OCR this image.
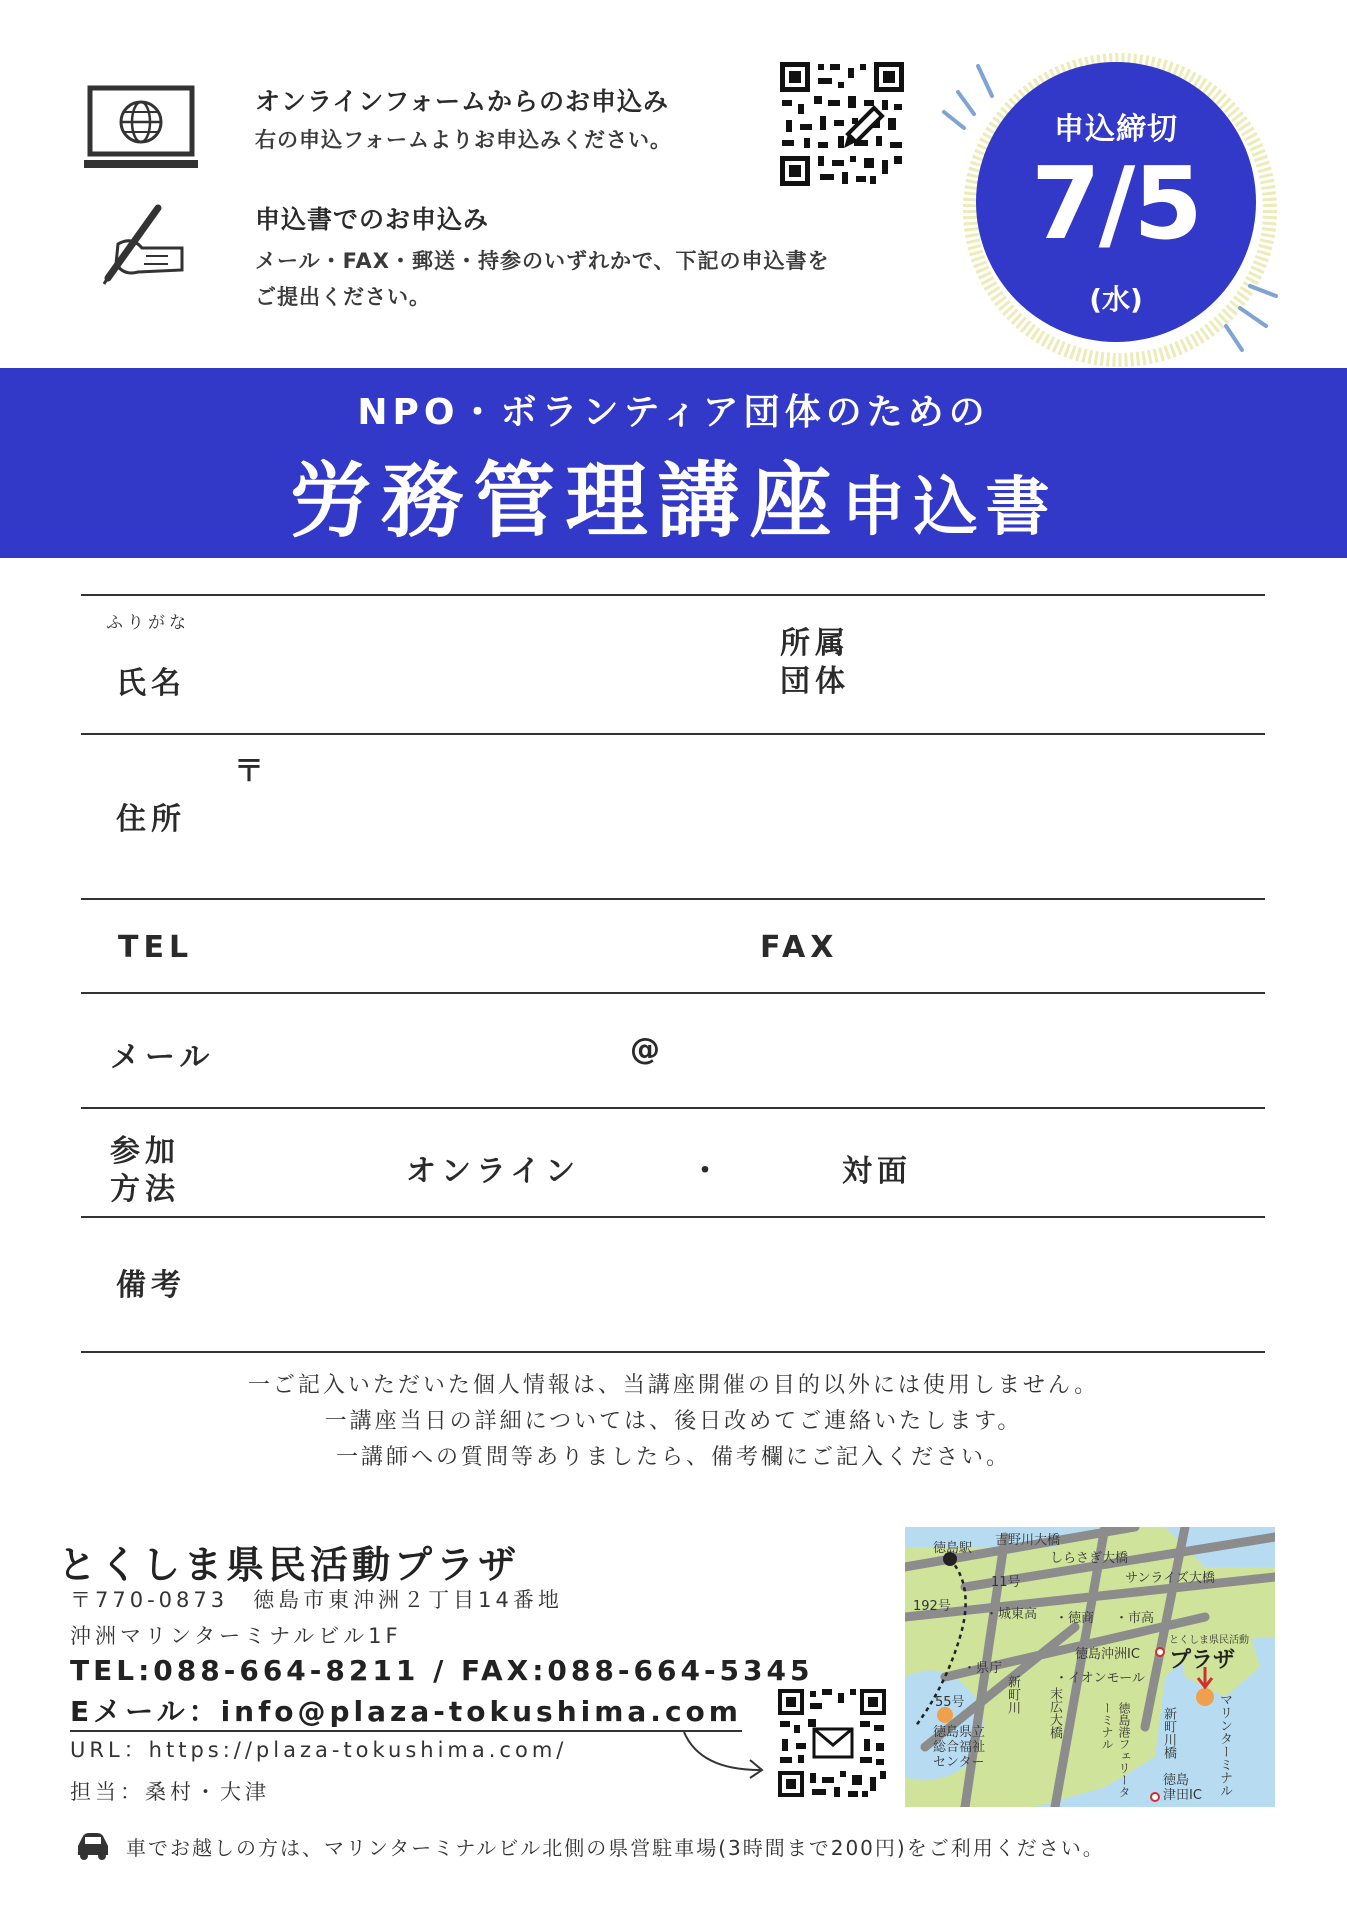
オンラインフォームからのお申込み
右の申込フォームよりお申込みください。
申込書でのお申込み
メール・FAX・郵送・持参のいずれかで、下記の申込書を
ご提出ください。
申込締切
7/5
(水)
NPO・ボランティア団体のための
労務管理講座申込書
ふりがな
氏名
所属
団体
〒
住所
TEL	FAX
メール	@
参加
方法
オンライン	・	対面
備考
一ご記入いただいた個人情報は、当講座開催の目的以外には使用しません。
一講座当日の詳細については、後日改めてご連絡いたします。
一講師への質問等ありましたら、備考欄にご記入ください。
とくしま県民活動プラザ
〒770-0873　徳島市東沖洲２丁目14番地
沖洲マリンターミナルビル1F
TEL:088-664-8211 / FAX:088-664-5345
Eメール：info@plaza-tokushima.com
URL：https://plaza-tokushima.com/
担当：桑村・大津
徳島駅
吉野川大橋
しらさぎ大橋
サンライズ大橋
11号
192号
・城東高 ・徳商 ・市高
徳島沖洲IC
とくしま県民活動
プラザ
・イオンモール
・県庁
55号
徳島県立
総合福祉
センター
徳島
津田IC
新町川 末広大橋	徳島港フェリーターミナル	新町川橋	マリンターミナル
車でお越しの方は、マリンターミナルビル北側の県営駐車場(3時間まで200円)をご利用ください。
